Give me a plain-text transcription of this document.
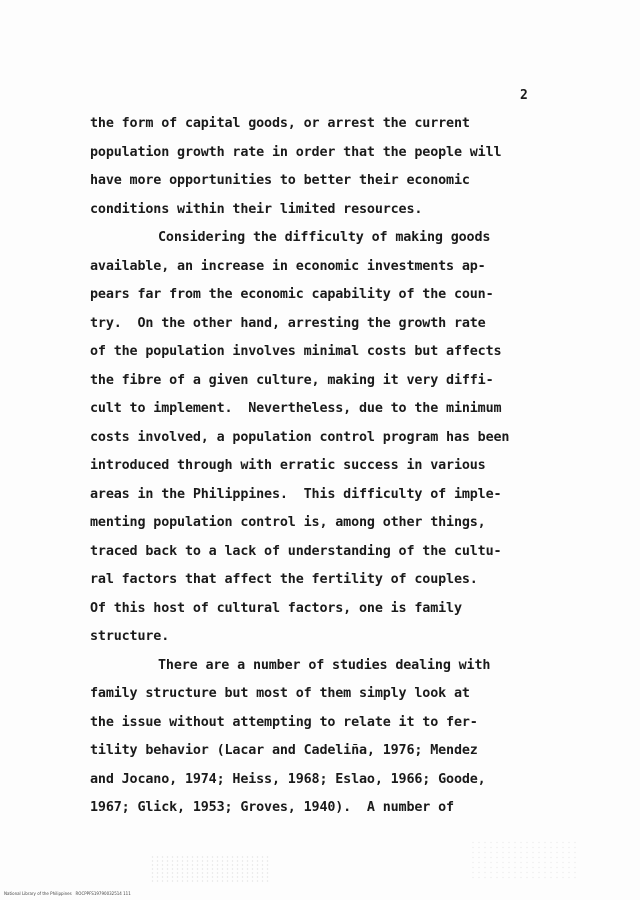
2
the form of capital goods, or arrest the current
population growth rate in order that the people will
have more opportunities to better their economic
conditions within their limited resources.
Considering the difficulty of making goods
available, an increase in economic investments ap-
pears far from the economic capability of the coun-
try.  On the other hand, arresting the growth rate
of the population involves minimal costs but affects
the fibre of a given culture, making it very diffi-
cult to implement.  Nevertheless, due to the minimum
costs involved, a population control program has been
introduced through with erratic success in various
areas in the Philippines.  This difficulty of imple-
menting population control is, among other things,
traced back to a lack of understanding of the cultu-
ral factors that affect the fertility of couples.
Of this host of cultural factors, one is family
structure.
There are a number of studies dealing with
family structure but most of them simply look at
the issue without attempting to relate it to fer-
tility behavior (Lacar and Cadeliña, 1976; Mendez
and Jocano, 1974; Heiss, 1968; Eslao, 1966; Goode,
1967; Glick, 1953; Groves, 1940).  A number of
National Library of the Philippines   ROCPPFS19790032514 111
